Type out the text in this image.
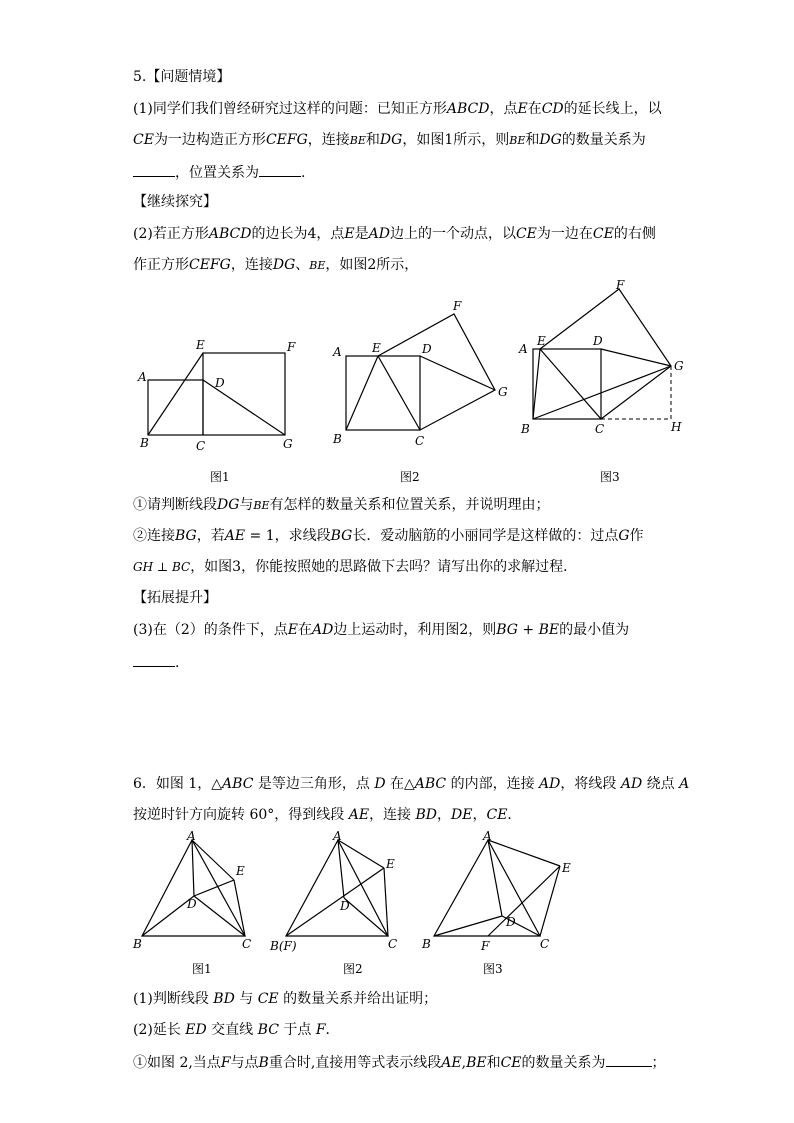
5.【问题情境】
(1)同学们我们曾经研究过这样的问题：已知正方形ABCD，点E在CD的延长线上，以
CE为一边构造正方形CEFG，连接BE和DG，如图1所示，则BE和DG的数量关系为
，位置关系为	.
【继续探究】
(2)若正方形ABCD的边长为4，点E是AD边上的一个动点，以CE为一边在CE的右侧
作正方形CEFG，连接DG、BE，如图2所示，
A
B	C
E	F
D
G
A	E	D
F
G
B	C
A
E	D
F
G
B	C	H
图1	图2	图3
①请判断线段DG与BE有怎样的数量关系和位置关系，并说明理由；
②连接BG，若AE = 1，求线段BG长．爱动脑筋的小丽同学是这样做的：过点G作
GH ⊥ BC，如图3，你能按照她的思路做下去吗？请写出你的求解过程．
【拓展提升】
(3)在（2）的条件下，点E在AD边上运动时，利用图2，则BG + BE的最小值为
.
6．如图 1，△ABC 是等边三角形，点 D 在△ABC 的内部，连接 AD，将线段 AD 绕点 A
按逆时针方向旋转 60°，得到线段 AE，连接 BD，DE，CE．
A
E
D
B	C
A
E
D
B(F)	C
A
E
D
B	F	C
图1	图2	图3
(1)判断线段 BD 与 CE 的数量关系并给出证明；
(2)延长 ED 交直线 BC 于点 F．
①如图 2,当点F与点B重合时,直接用等式表示线段AE,BE和CE的数量关系为	；
